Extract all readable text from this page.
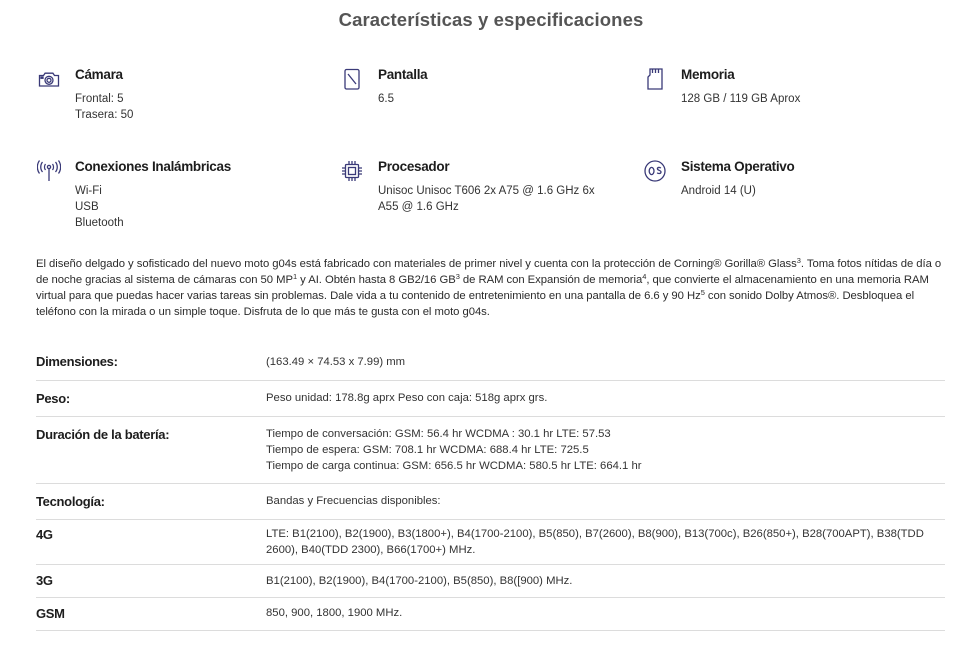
Características y especificaciones
Cámara
Frontal: 5
Trasera: 50
Pantalla
6.5
Memoria
128 GB / 119 GB Aprox
Conexiones Inalámbricas
Wi-Fi
USB
Bluetooth
Procesador
Unisoc Unisoc T606 2x A75 @ 1.6 GHz 6x A55 @ 1.6 GHz
Sistema Operativo
Android 14 (U)
El diseño delgado y sofisticado del nuevo moto g04s está fabricado con materiales de primer nivel y cuenta con la protección de Corning® Gorilla® Glass$^3$. Toma fotos nítidas de día o de noche gracias al sistema de cámaras con 50 $MP^1$ y AI. Obtén hasta 8 GB2/16 $GB^3$ de RAM con Expansión de memoria$^4$, que convierte el almacenamiento en una memoria RAM virtual para que puedas hacer varias tareas sin problemas. Dale vida a tu contenido de entretenimiento en una pantalla de 6.6 y 90 Hz$^5$ con sonido Dolby Atmos®. Desbloquea el teléfono con la mirada o un simple toque. Disfruta de lo que más te gusta con el moto g04s.
Dimensiones:	(163.49 × 74.53 x 7.99) mm
Peso:	Peso unidad: 178.8g aprx Peso con caja: 518g aprx grs.
Duración de la batería:	Tiempo de conversación: GSM: 56.4 hr WCDMA : 30.1 hr LTE: 57.53
Tiempo de espera: GSM: 708.1 hr WCDMA: 688.4 hr LTE: 725.5
Tiempo de carga continua: GSM: 656.5 hr WCDMA: 580.5 hr LTE: 664.1 hr
Tecnología:	Bandas y Frecuencias disponibles:
4G	LTE: B1(2100), B2(1900), B3(1800+), B4(1700-2100), B5(850), B7(2600), B8(900), B13(700c), B26(850+), B28(700APT), B38(TDD 2600), B40(TDD 2300), B66(1700+) MHz.
3G	B1(2100), B2(1900), B4(1700-2100), B5(850), B8([900) MHz.
GSM	850, 900, 1800, 1900 MHz.
